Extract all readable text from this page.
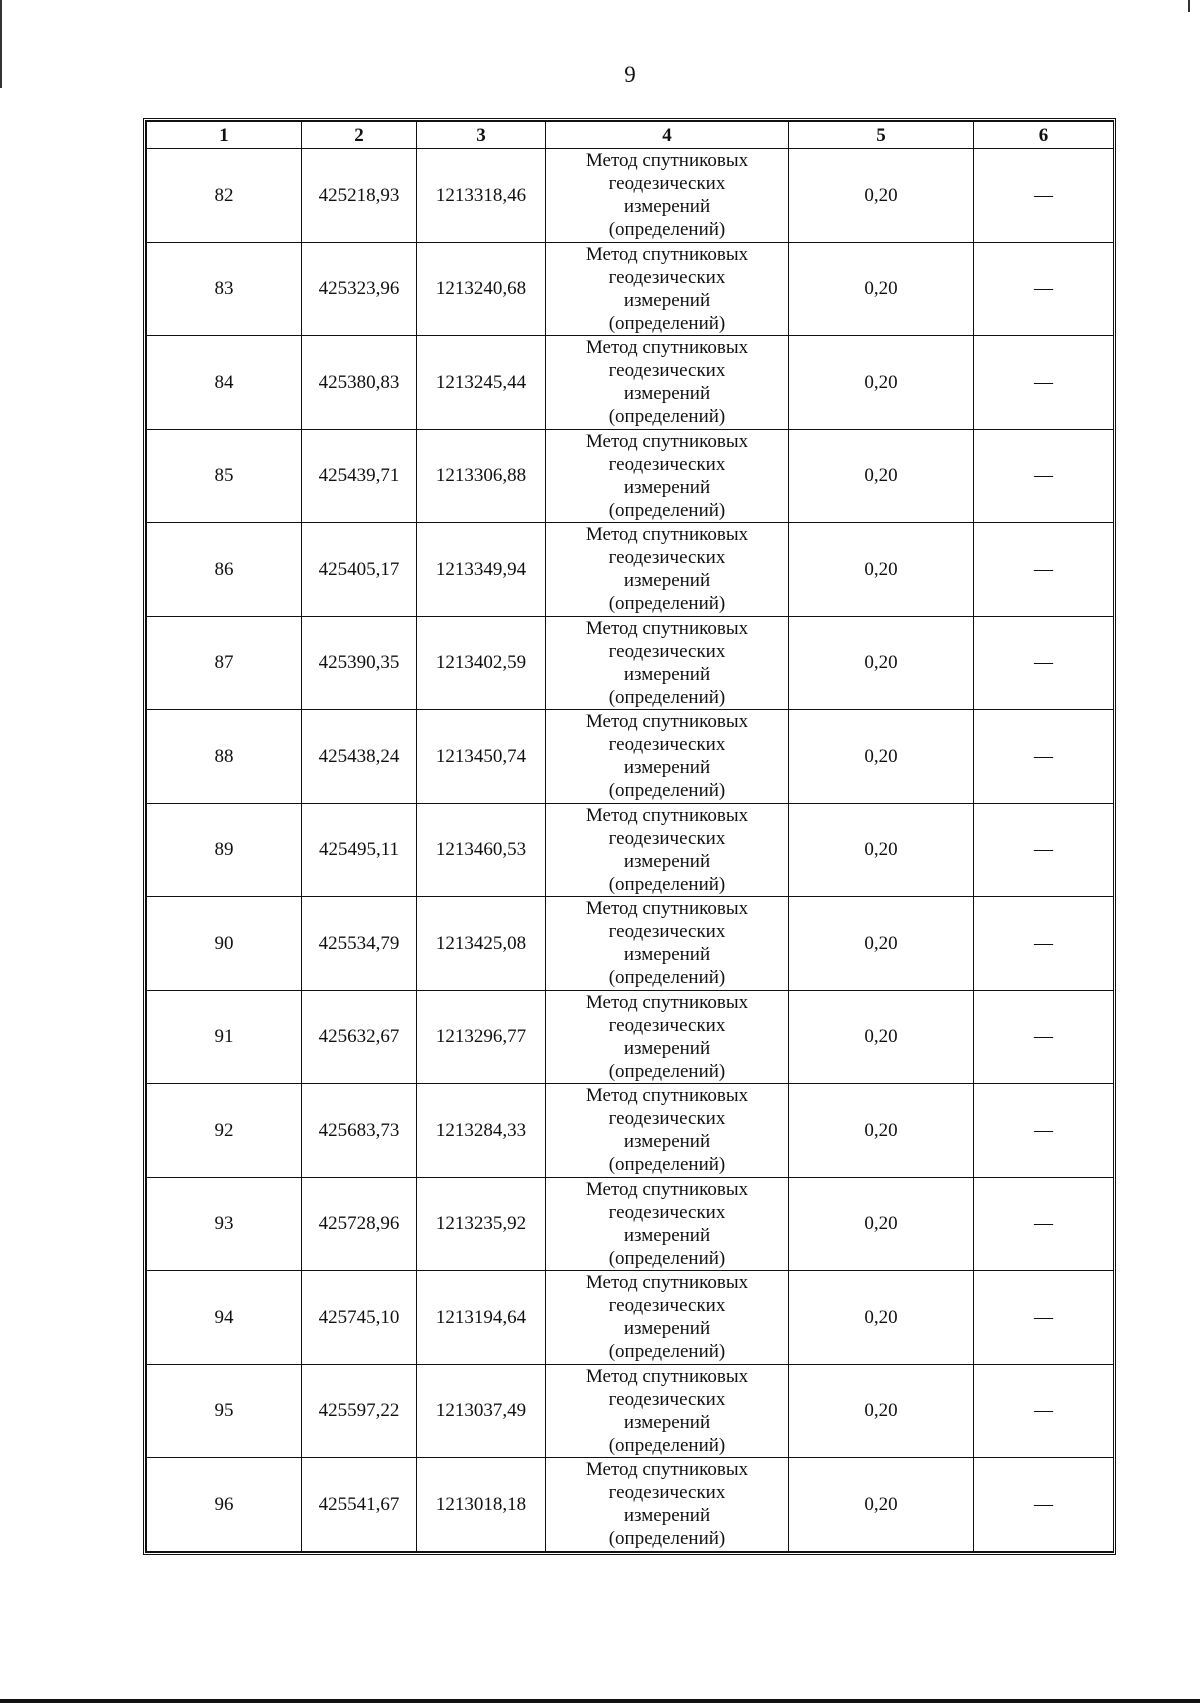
9
1	2	3	4	5	6
82	425218,93	1213318,46	Метод спутниковых
геодезических
измерений
(определений)	0,20	—
83	425323,96	1213240,68	Метод спутниковых
геодезических
измерений
(определений)	0,20	—
84	425380,83	1213245,44	Метод спутниковых
геодезических
измерений
(определений)	0,20	—
85	425439,71	1213306,88	Метод спутниковых
геодезических
измерений
(определений)	0,20	—
86	425405,17	1213349,94	Метод спутниковых
геодезических
измерений
(определений)	0,20	—
87	425390,35	1213402,59	Метод спутниковых
геодезических
измерений
(определений)	0,20	—
88	425438,24	1213450,74	Метод спутниковых
геодезических
измерений
(определений)	0,20	—
89	425495,11	1213460,53	Метод спутниковых
геодезических
измерений
(определений)	0,20	—
90	425534,79	1213425,08	Метод спутниковых
геодезических
измерений
(определений)	0,20	—
91	425632,67	1213296,77	Метод спутниковых
геодезических
измерений
(определений)	0,20	—
92	425683,73	1213284,33	Метод спутниковых
геодезических
измерений
(определений)	0,20	—
93	425728,96	1213235,92	Метод спутниковых
геодезических
измерений
(определений)	0,20	—
94	425745,10	1213194,64	Метод спутниковых
геодезических
измерений
(определений)	0,20	—
95	425597,22	1213037,49	Метод спутниковых
геодезических
измерений
(определений)	0,20	—
96	425541,67	1213018,18	Метод спутниковых
геодезических
измерений
(определений)	0,20	—
